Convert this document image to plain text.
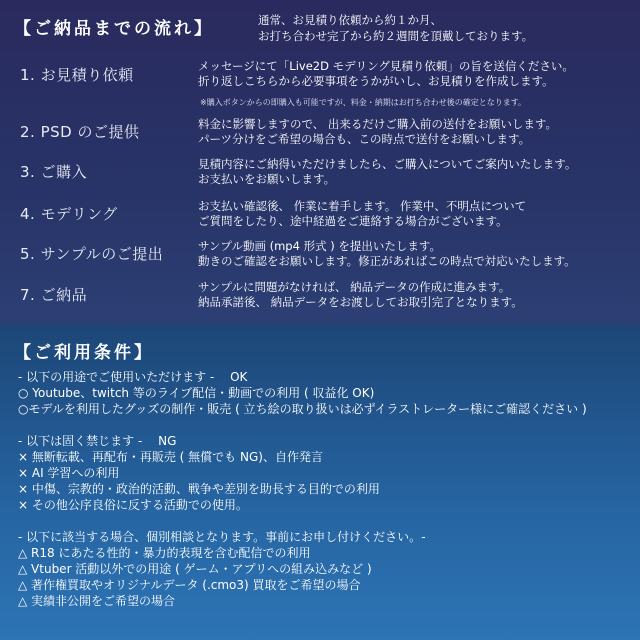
【ご納品までの流れ】	通常、お見積り依頼から約１か月、
お打ち合わせ完了から約２週間を頂戴しております。
1. お見積り依頼	メッセージにて「Live2D モデリング見積り依頼」の旨を送信ください。
折り返しこちらから必要事項をうかがいし、お見積りを作成します。
※購入ボタンからの即購入も可能ですが、料金・納期はお打ち合わせ後の確定となります。
2. PSD のご提供	料金に影響しますので、 出来るだけご購入前の送付をお願いします。
パーツ分けをご希望の場合も、この時点で送付をお願いします。
3. ご購入	見積内容にご納得いただけましたら、ご購入についてご案内いたします。
お支払いをお願いします。
4. モデリング	お支払い確認後、 作業に着手します。 作業中、不明点について
ご質問をしたり、途中経過をご連絡する場合がございます。
5. サンプルのご提出	サンプル動画 (mp4 形式 ) を提出いたします。
動きのご確認をお願いします。修正があればこの時点で対応いたします。
7. ご納品	サンプルに問題がなければ、 納品データの作成に進みます。
納品承諾後、 納品データをお渡ししてお取引完了となります。
【ご利用条件】
- 以下の用途でご使用いただけます -　 OK
○ Youtube、twitch 等のライブ配信・動画での利用 ( 収益化 OK)
○モデルを利用したグッズの制作・販売 ( 立ち絵の取り扱いは必ずイラストレーター様にご確認ください )
- 以下は固く禁じます -　 NG
× 無断転載、再配布・再販売 ( 無償でも NG)、自作発言
× AI 学習への利用
× 中傷、宗教的・政治的活動、戦争や差別を助長する目的での利用
× その他公序良俗に反する活動での使用。
- 以下に該当する場合、個別相談となります。事前にお申し付けください。-
△ R18 にあたる性的・暴力的表現を含む配信での利用
△ Vtuber 活動以外での用途 ( ゲーム・アプリへの組み込みなど )
△ 著作権買取やオリジナルデータ (.cmo3) 買取をご希望の場合
△ 実績非公開をご希望の場合
